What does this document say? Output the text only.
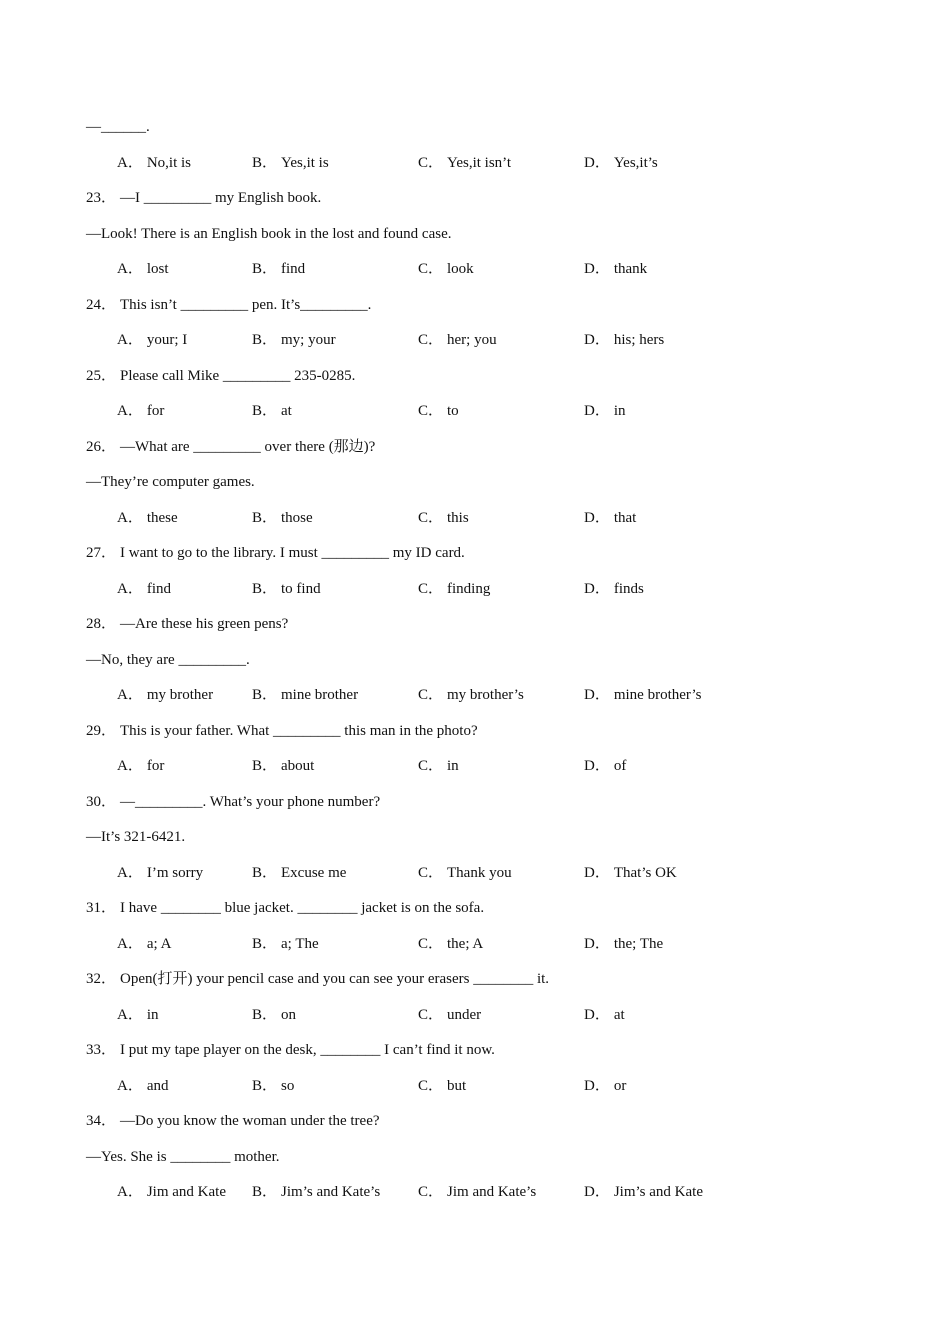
—______.
A． No,it is	B． Yes,it is	C． Yes,it isn’t	D． Yes,it’s
23． —I _________ my English book.
—Look! There is an English book in the lost and found case.
A． lost	B． find	C． look	D． thank
24． This isn’t _________ pen. It’s_________.
A． your; I	B． my; your	C． her; you	D． his; hers
25． Please call Mike _________ 235-0285.
A． for	B． at	C． to	D． in
26． —What are _________ over there (那边)?
—They’re computer games.
A． these	B． those	C． this	D． that
27． I want to go to the library. I must _________ my ID card.
A． find	B． to find	C． finding	D． finds
28． —Are these his green pens?
—No, they are _________.
A． my brother	B． mine brother	C． my brother’s	D． mine brother’s
29． This is your father. What _________ this man in the photo?
A． for	B． about	C． in	D． of
30． —_________. What’s your phone number?
—It’s 321-6421.
A． I’m sorry	B． Excuse me	C． Thank you	D． That’s OK
31． I have ________ blue jacket. ________ jacket is on the sofa.
A． a; A	B． a; The	C． the; A	D． the; The
32． Open(打开) your pencil case and you can see your erasers ________ it.
A． in	B． on	C． under	D． at
33． I put my tape player on the desk, ________ I can’t find it now.
A． and	B． so	C． but	D． or
34． —Do you know the woman under the tree?
—Yes. She is ________ mother.
A． Jim and Kate B． Jim’s and Kate’s	C． Jim and Kate’s	D． Jim’s and Kate
